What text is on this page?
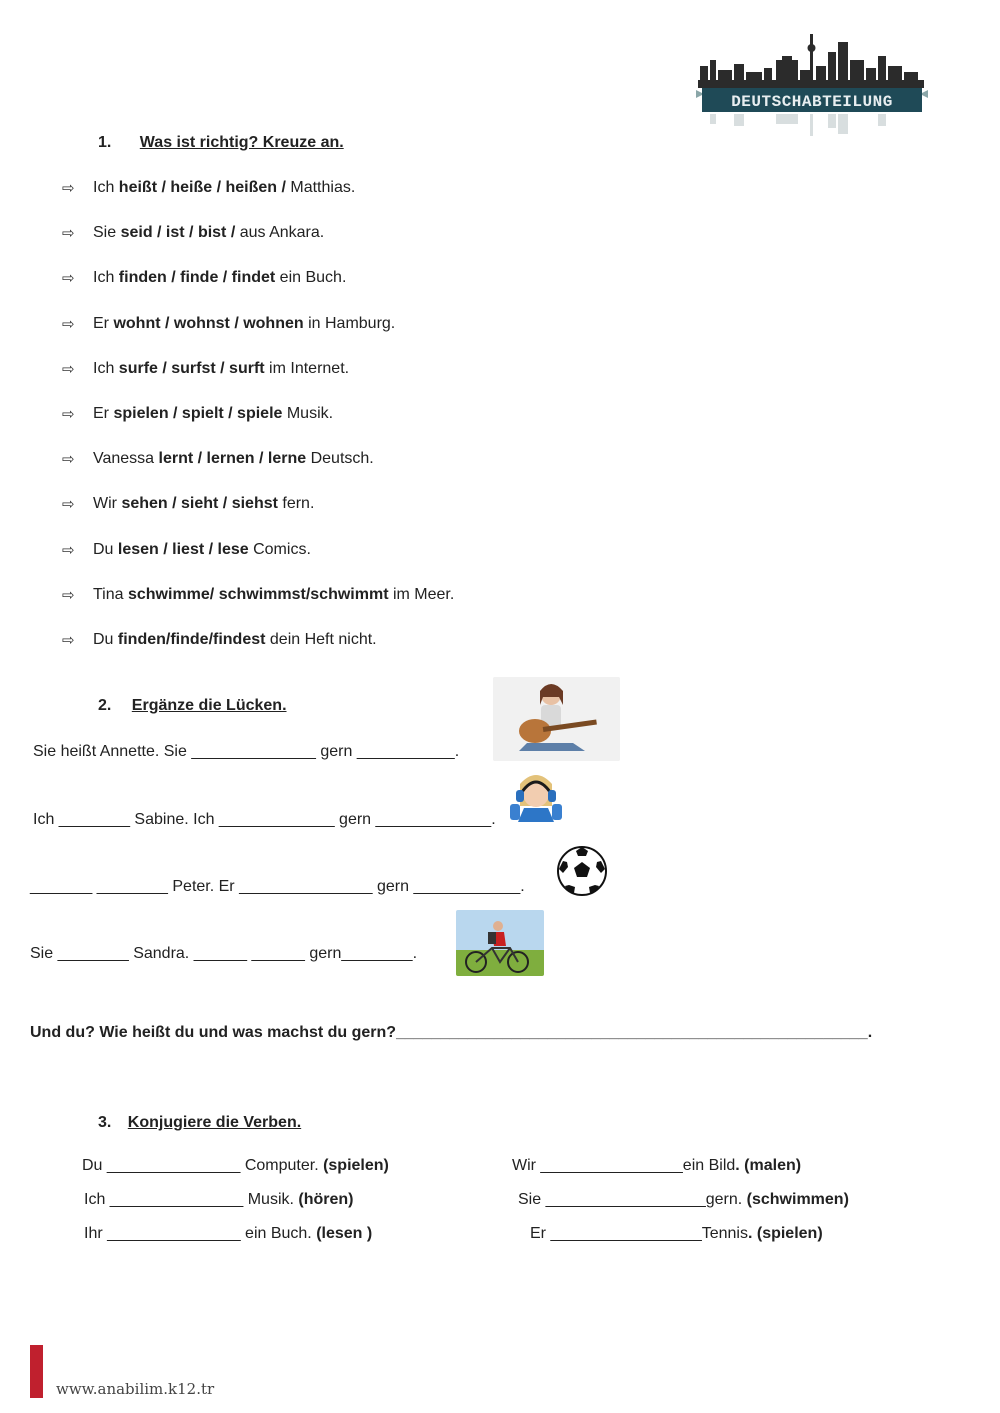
DEUTSCHABTEILUNG
1. Was ist richtig? Kreuze an.
⇨ Ich heißt / heiße / heißen / Matthias.
⇨ Sie seid / ist / bist / aus Ankara.
⇨ Ich finden / finde / findet ein Buch.
⇨ Er wohnt / wohnst / wohnen in Hamburg.
⇨ Ich surfe / surfst / surft im Internet.
⇨ Er spielen / spielt / spiele Musik.
⇨ Vanessa lernt / lernen / lerne Deutsch.
⇨ Wir sehen / sieht / siehst fern.
⇨ Du lesen / liest / lese Comics.
⇨ Tina schwimme/ schwimmst/schwimmt im Meer.
⇨ Du finden/finde/findest dein Heft nicht.
2. Ergänze die Lücken.
Sie heißt Annette. Sie ______________ gern ___________.
Ich ________ Sabine. Ich _____________ gern _____________.
_______ ________ Peter. Er _______________ gern ____________.
Sie ________ Sandra. ______ ______ gern________.
Und du? Wie heißt du und was machst du gern?_____________________________________________________.
3. Konjugiere die Verben.
Du _______________ Computer. (spielen)
Ich _______________ Musik. (hören)
Ihr _______________ ein Buch. (lesen )
Wir ________________ein Bild. (malen)
Sie __________________gern. (schwimmen)
Er _________________Tennis. (spielen)
www.anabilim.k12.tr
